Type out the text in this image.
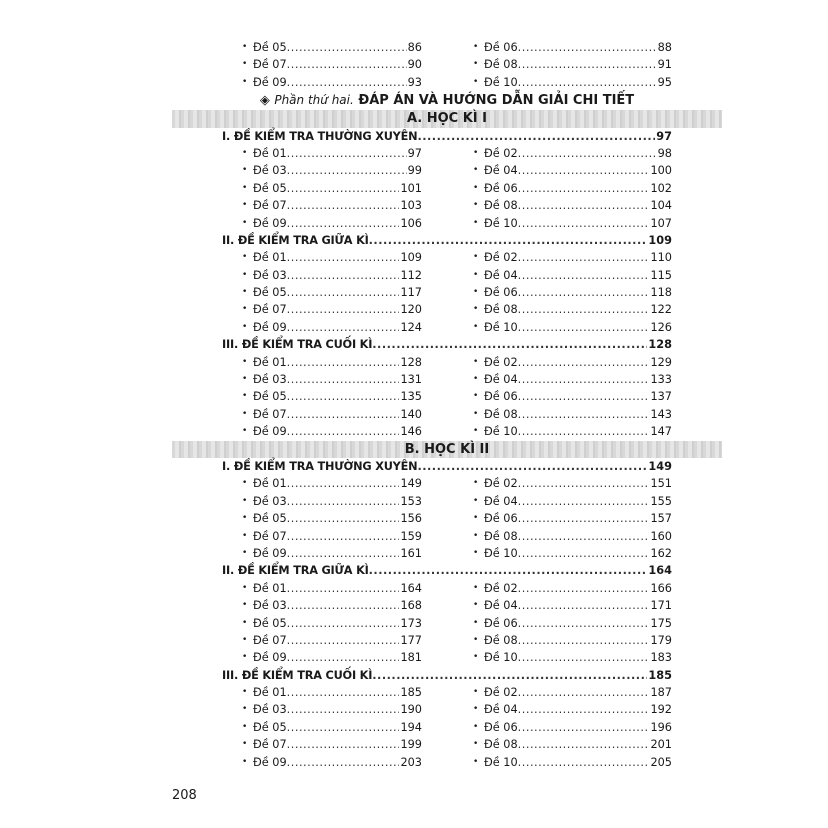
• Đề 05 .....	86	• Đề 06 .....	88
• Đề 07 .....	90	• Đề 08 .....	91
• Đề 09 .....	93	• Đề 10 .....	95
◈ Phần thứ hai. ĐÁP ÁN VÀ HƯỚNG DẪN GIẢI CHI TIẾT
A. HỌC KÌ I
I. ĐỀ KIỂM TRA THƯỜNG XUYÊN .....	97
• Đề 01 .....	97	• Đề 02 .....	98
• Đề 03 .....	99	• Đề 04 .....	100
• Đề 05 .....	101	• Đề 06 .....	102
• Đề 07 .....	103	• Đề 08 .....	104
• Đề 09 .....	106	• Đề 10 .....	107
II. ĐỀ KIỂM TRA GIỮA KÌ .....	109
• Đề 01 .....	109	• Đề 02 .....	110
• Đề 03 .....	112	• Đề 04 .....	115
• Đề 05 .....	117	• Đề 06 .....	118
• Đề 07 .....	120	• Đề 08 .....	122
• Đề 09 .....	124	• Đề 10 .....	126
III. ĐỀ KIỂM TRA CUỐI KÌ .....	128
• Đề 01 .....	128	• Đề 02 .....	129
• Đề 03 .....	131	• Đề 04 .....	133
• Đề 05 .....	135	• Đề 06 .....	137
• Đề 07 .....	140	• Đề 08 .....	143
• Đề 09 .....	146	• Đề 10 .....	147
B. HỌC KÌ II
I. ĐỀ KIỂM TRA THƯỜNG XUYÊN .....	149
• Đề 01 .....	149	• Đề 02 .....	151
• Đề 03 .....	153	• Đề 04 .....	155
• Đề 05 .....	156	• Đề 06 .....	157
• Đề 07 .....	159	• Đề 08 .....	160
• Đề 09 .....	161	• Đề 10 .....	162
II. ĐỀ KIỂM TRA GIỮA KÌ .....	164
• Đề 01 .....	164	• Đề 02 .....	166
• Đề 03 .....	168	• Đề 04 .....	171
• Đề 05 .....	173	• Đề 06 .....	175
• Đề 07 .....	177	• Đề 08 .....	179
• Đề 09 .....	181	• Đề 10 .....	183
III. ĐỀ KIỂM TRA CUỐI KÌ .....	185
• Đề 01 .....	185	• Đề 02 .....	187
• Đề 03 .....	190	• Đề 04 .....	192
• Đề 05 .....	194	• Đề 06 .....	196
• Đề 07 .....	199	• Đề 08 .....	201
• Đề 09 .....	203	• Đề 10 .....	205
208
